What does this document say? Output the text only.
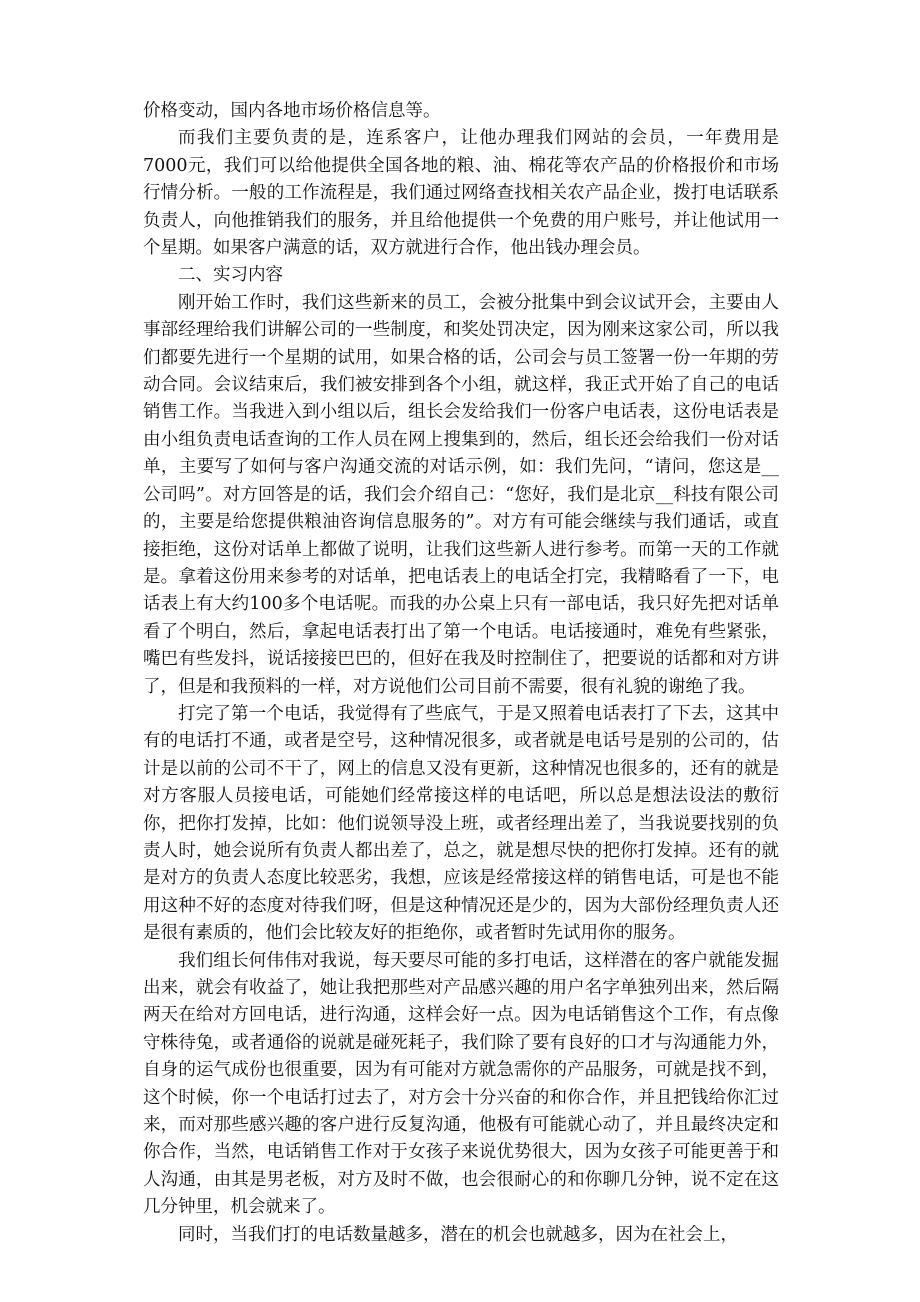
价格变动，国内各地市场价格信息等。

而我们主要负责的是，连系客户，让他办理我们网站的会员，一年费用是7000元，我们可以给他提供全国各地的粮、油、棉花等农产品的价格报价和市场行情分析。一般的工作流程是，我们通过网络查找相关农产品企业，拨打电话联系负责人，向他推销我们的服务，并且给他提供一个免费的用户账号，并让他试用一个星期。如果客户满意的话，双方就进行合作，他出钱办理会员。

二、实习内容

刚开始工作时，我们这些新来的员工，会被分批集中到会议试开会，主要由人事部经理给我们讲解公司的一些制度，和奖处罚决定，因为刚来这家公司，所以我们都要先进行一个星期的试用，如果合格的话，公司会与员工签署一份一年期的劳动合同。会议结束后，我们被安排到各个小组，就这样，我正式开始了自己的电话销售工作。当我进入到小组以后，组长会发给我们一份客户电话表，这份电话表是由小组负责电话查询的工作人员在网上搜集到的，然后，组长还会给我们一份对话单，主要写了如何与客户沟通交流的对话示例，如：我们先问，“请问，您这是__公司吗”。对方回答是的话，我们会介绍自己：“您好，我们是北京__科技有限公司的，主要是给您提供粮油咨询信息服务的”。对方有可能会继续与我们通话，或直接拒绝，这份对话单上都做了说明，让我们这些新人进行参考。而第一天的工作就是。拿着这份用来参考的对话单，把电话表上的电话全打完，我精略看了一下，电话表上有大约100多个电话呢。而我的办公桌上只有一部电话，我只好先把对话单看了个明白，然后，拿起电话表打出了第一个电话。电话接通时，难免有些紧张，嘴巴有些发抖，说话接接巴巴的，但好在我及时控制住了，把要说的话都和对方讲了，但是和我预料的一样，对方说他们公司目前不需要，很有礼貌的谢绝了我。

打完了第一个电话，我觉得有了些底气，于是又照着电话表打了下去，这其中有的电话打不通，或者是空号，这种情况很多，或者就是电话号是别的公司的，估计是以前的公司不干了，网上的信息又没有更新，这种情况也很多的，还有的就是对方客服人员接电话，可能她们经常接这样的电话吧，所以总是想法设法的敷衍你，把你打发掉，比如：他们说领导没上班，或者经理出差了，当我说要找别的负责人时，她会说所有负责人都出差了，总之，就是想尽快的把你打发掉。还有的就是对方的负责人态度比较恶劣，我想，应该是经常接这样的销售电话，可是也不能用这种不好的态度对待我们呀，但是这种情况还是少的，因为大部份经理负责人还是很有素质的，他们会比较友好的拒绝你，或者暂时先试用你的服务。

我们组长何伟伟对我说，每天要尽可能的多打电话，这样潜在的客户就能发掘出来，就会有收益了，她让我把那些对产品感兴趣的用户名字单独列出来，然后隔两天在给对方回电话，进行沟通，这样会好一点。因为电话销售这个工作，有点像守株待兔，或者通俗的说就是碰死耗子，我们除了要有良好的口才与沟通能力外，自身的运气成份也很重要，因为有可能对方就急需你的产品服务，可就是找不到，这个时候，你一个电话打过去了，对方会十分兴奋的和你合作，并且把钱给你汇过来，而对那些感兴趣的客户进行反复沟通，他极有可能就心动了，并且最终决定和你合作，当然，电话销售工作对于女孩子来说优势很大，因为女孩子可能更善于和人沟通，由其是男老板，对方及时不做，也会很耐心的和你聊几分钟，说不定在这几分钟里，机会就来了。

同时，当我们打的电话数量越多，潜在的机会也就越多，因为在社会上，
